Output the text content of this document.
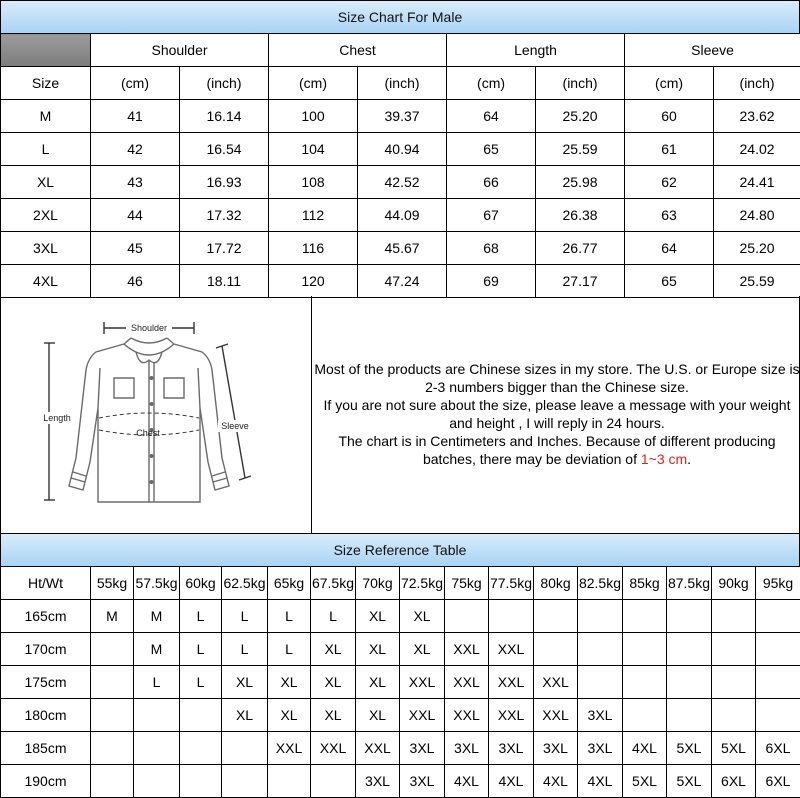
Size Chart For Male
	Shoulder		Chest		Length		Sleeve	
Size	(cm)	(inch)	(cm)	(inch)	(cm)	(inch)	(cm)	(inch)
M	41	16.14	100	39.37	64	25.20	60	23.62
L	42	16.54	104	40.94	65	25.59	61	24.02
XL	43	16.93	108	42.52	66	25.98	62	24.41
2XL	44	17.32	112	44.09	67	26.38	63	24.80
3XL	45	17.72	116	45.67	68	26.77	64	25.20
4XL	46	18.11	120	47.24	69	27.17	65	25.59
Shoulder
Length
Chest
Sleeve
Most of the products are Chinese sizes in my store. The U.S. or Europe size is 2-3 numbers bigger than the Chinese size.
If you are not sure about the size, please leave a message with your weight and height , I will reply in 24 hours.
The chart is in Centimeters and Inches. Because of different producing batches, there may be deviation of 1~3 cm.
Size Reference Table
Ht/Wt	55kg	57.5kg	60kg	62.5kg	65kg	67.5kg	70kg	72.5kg	75kg	77.5kg	80kg	82.5kg	85kg	87.5kg	90kg	95kg
165cm	M	M	L	L	L	L	XL	XL								
170cm		M	L	L	L	XL	XL	XL	XXL	XXL						
175cm		L	L	XL	XL	XL	XL	XXL	XXL	XXL	XXL					
180cm				XL	XL	XL	XL	XXL	XXL	XXL	XXL	3XL				
185cm					XXL	XXL	XXL	3XL	3XL	3XL	3XL	3XL	4XL	5XL	5XL	6XL
190cm							3XL	3XL	4XL	4XL	4XL	4XL	5XL	5XL	6XL	6XL
